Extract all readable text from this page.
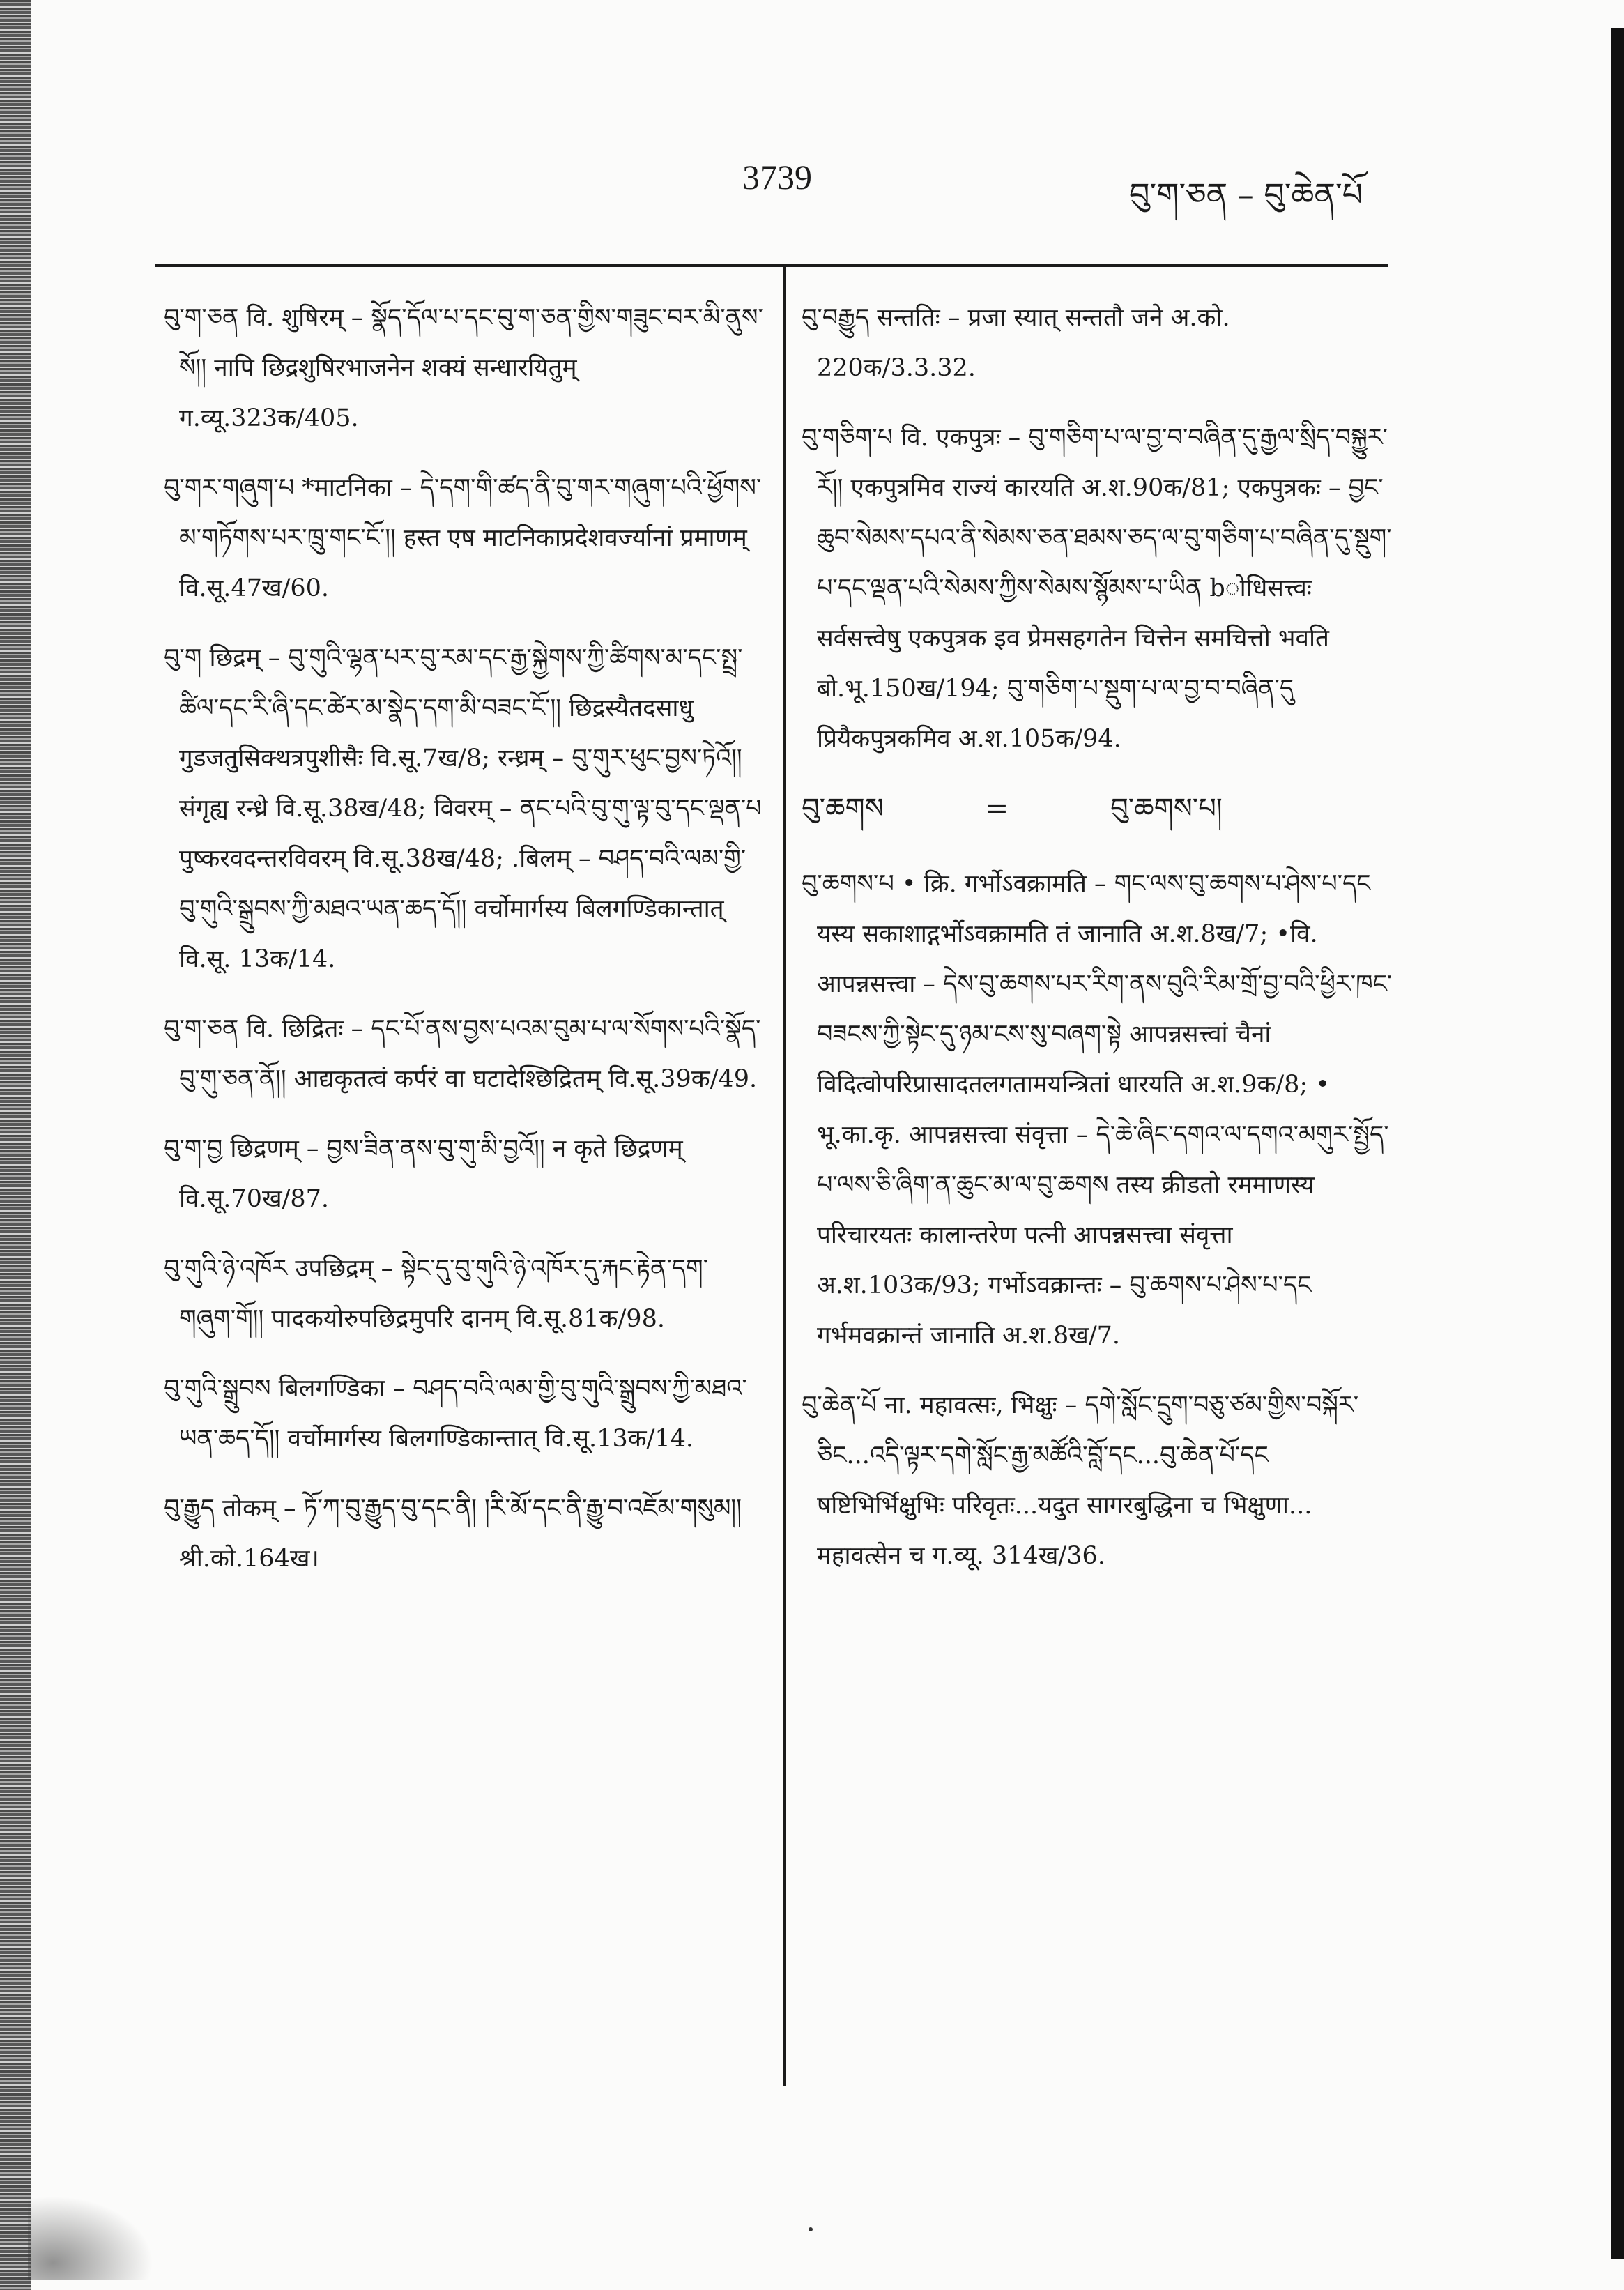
3739	བུ་ག་ཅན – བུ་ཆེན་པོ

བུ་ག་ཅན वि. शुषिरम् – སྣོད་དོལ་པ་དང་བུ་ག་ཅན་གྱིས་གཟུང་བར་མི་ནུས་སོ།། नापि छिद्रशुषिरभाजनेन शक्यं सन्धारयितुम् ग.व्यू.323क/405.

བུ་གར་གཞུག་པ *माटनिका – དེ་དག་གི་ཚད་ནི་བུ་གར་གཞུག་པའི་ཕྱོགས་མ་གཏོགས་པར་ཁྲུ་གང་ངོ་།། हस्त एष माटनिकाप्रदेशवर्ज्यानां प्रमाणम् वि.सू.47ख/60.

བུ་ག छिद्रम् – བུ་གུའི་ལྷན་པར་བུ་རམ་དང་རྒྱ་སྐྱེགས་ཀྱི་ཚིགས་མ་དང་སྤྲ་ཚིལ་དང་རི་ཞི་དང་ཚེར་མ་སྣེད་དག་མི་བཟང་ངོ་།། छिद्रस्यैतदसाधु गुडजतुसिक्थत्रपुशीसैः वि.सू.7ख/8; रन्ध्रम् – བུ་གུར་ཕུང་བྱས་ཏེའོ།། संगृह्य रन्ध्रे वि.सू.38ख/48; विवरम् – ནང་པའི་བུ་གུ་ལྟ་བུ་དང་ལྡན་པ पुष्करवदन्तरविवरम् वि.सू.38ख/48; .बिलम् – བཤད་བའི་ལམ་གྱི་བུ་གུའི་སྒྲུབས་ཀྱི་མཐའ་ཡན་ཆད་དོ།། वर्चोमार्गस्य बिलगण्डिकान्तात् वि.सू. 13क/14.

བུ་ག་ཅན वि. छिद्रितः – དང་པོ་ནས་བྱས་པའམ་བུམ་པ་ལ་སོགས་པའི་སྣོད་བུ་གུ་ཅན་ནོ།། आद्यकृतत्वं कर्परं वा घटादेश्छिद्रितम् वि.सू.39क/49.

བུ་ག་བྱ छिद्रणम् – བྱས་ཟིན་ནས་བུ་གུ་མི་བྱའོ།། न कृते छिद्रणम् वि.सू.70ख/87.

བུ་གུའི་ཉེ་འཁོར उपछिद्रम् – སྟེང་དུ་བུ་གུའི་ཉེ་འཁོར་དུ་རྐང་རྟེན་དག་གཞུག་གོ།། पादकयोरुपछिद्रमुपरि दानम् वि.सू.81क/98.

བུ་གུའི་སྒྲུབས बिलगण्डिका – བཤད་བའི་ལམ་གྱི་བུ་གུའི་སྒྲུབས་ཀྱི་མཐའ་ཡན་ཆད་དོ།། वर्चोमार्गस्य बिलगण्डिकान्तात् वि.सू.13क/14.

བུ་རྒྱུད तोकम् – ཏོ་ཀ་བུ་རྒྱུད་བུ་དང་ནི། །རི་མོ་དང་ནི་རྒྱུ་བ་འཇོམ་གསུམ།། श्री.को.164ख।

བུ་བརྒྱུད सन्ततिः – प्रजा स्यात् सन्ततौ जने अ.को. 220क/3.3.32.

བུ་གཅིག་པ वि. एकपुत्रः – བུ་གཅིག་པ་ལ་བྱ་བ་བཞིན་དུ་རྒྱལ་སྲིད་བསྐྱུར་རོ།། एकपुत्रमिव राज्यं कारयति अ.श.90क/81; एकपुत्रकः – བྱང་ཆུབ་སེམས་དཔའ་ནི་སེམས་ཅན་ཐམས་ཅད་ལ་བུ་གཅིག་པ་བཞིན་དུ་སྡུག་པ་དང་ལྡན་པའི་སེམས་ཀྱིས་སེམས་སྙོམས་པ་ཡིན bोधिसत्त्वः सर्वसत्त्वेषु एकपुत्रक इव प्रेमसहगतेन चित्तेन समचित्तो भवति बो.भू.150ख/194; བུ་གཅིག་པ་སྡུག་པ་ལ་བྱ་བ་བཞིན་དུ प्रियैकपुत्रकमिव अ.श.105क/94.

བུ་ཆགས	=	བུ་ཆགས་པ།

བུ་ཆགས་པ • क्रि. गर्भोऽवक्रामति – གང་ལས་བུ་ཆགས་པ་ཤེས་པ་དང यस्य सकाशाद्गर्भोऽवक्रामति तं जानाति अ.श.8ख/7; •वि. आपन्नसत्त्वा – དེས་བུ་ཆགས་པར་རིག་ནས་བུའི་རིམ་གྲོ་བྱ་བའི་ཕྱིར་ཁང་བཟངས་ཀྱི་སྟེང་དུ་ཉམ་ངས་སུ་བཞག་སྟེ आपन्नसत्त्वां चैनां विदित्वोपरिप्रासादतलगतामयन्त्रितां धारयति अ.श.9क/8; • भू.का.कृ. आपन्नसत्त्वा संवृत्ता – དེ་ཆེ་ཞིང་དགའ་ལ་དགའ་མགུར་སྤྱོད་པ་ལས་ཅི་ཞིག་ན་ཆུང་མ་ལ་བུ་ཆགས तस्य क्रीडतो रममाणस्य परिचारयतः कालान्तरेण पत्नी आपन्नसत्त्वा संवृत्ता अ.श.103क/93; गर्भोऽवक्रान्तः – བུ་ཆགས་པ་ཤེས་པ་དང गर्भमवक्रान्तं जानाति अ.श.8ख/7.

བུ་ཆེན་པོ ना. महावत्सः, भिक्षुः – དགེ་སློང་དྲུག་བཅུ་ཙམ་གྱིས་བསྐོར་ཅིང...འདི་ལྟར་དགེ་སློང་རྒྱ་མཚོའི་བློ་དང...བུ་ཆེན་པོ་དང षष्टिभिर्भिक्षुभिः परिवृतः...यदुत सागरबुद्धिना च भिक्षुणा... महावत्सेन च ग.व्यू. 314ख/36.
